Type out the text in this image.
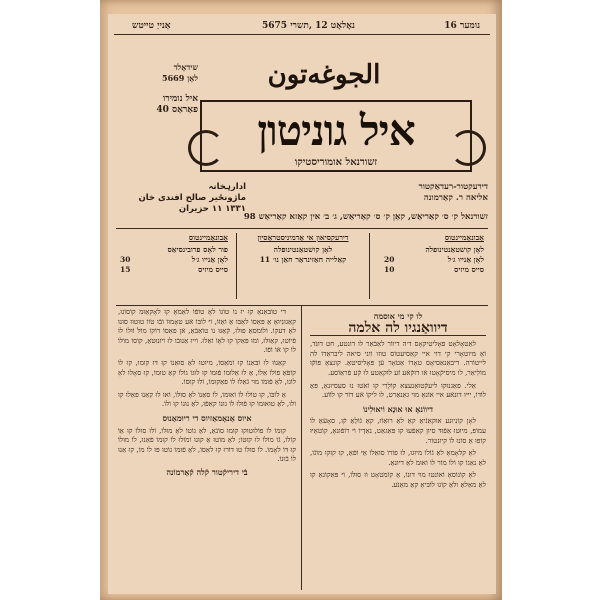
אַנייַ טייטש	נאָלאָט 12 ,תשרי 5675	נומער 16
שידאָלד
לאָן 5669
איל נומירו
פאַראַס 40
الجوغه‌تون
איל גוניטון
זשורנאל אומוריסטיקו
דירעקטור-רעדאַקטור
אליאה ר. קאַרמונה
ادارہخانہ
ماژونځیر صالح افندی خان
۱۳۳۱ ۱۱ حزیران
זשורנאל ק׳ ס׳ קאַריאַש, קאַן ק׳ ס׳ קאַריאַש, ג׳ ב׳ אין קאַזא קאַריאַש 98
אַבונאַמיינטוס
לאָן קושטאַנטינופלה
לאָן אַנייו ג׳ל
20
סייס מיזיס
10
דירעקסיאון אי אַדמיניסטראַסיון
לאָן קושטאַנטינופלה
קאַלייה חאַזינדאַר חאַן נו׳ 11
אַבונאַמיינטוס
פור לאָס פרובינסיאַס
לאָן אַנייו ג׳ל
30
סייס מיזיס
15
לו קי מי אוסמה
דיוואַנגיו לה אלמה

לאַטאָלאָט פאָליטיקאָס ד׳ה דיווֹר לאַבֿאַר לו דונטע, חט דונֹּד, וֹאָ מּיוטאָרי קי דוי איי קאַסיעטוֹס טוזו וֹוני סיאה ליבראַדוֹ לה לייטוֹרה. דיבאַנאַסיאָס טאָדוֹ אַטֹאָר עֿן פּאָליסיטאַ. קונצאָ פּוֹקֿוּ מוֹלִיאַר, לו מיסיקֿאָטוּ אֿו דוּקֿאֿע זֿע לוּקאַטע לוּ קֿע פֿראַוֿסע.

אַלי. פאַגנוּקוּ ליעקֿטוּאַנעצא קוֹלָרִי קוּ וֹאֹטוּ נוּ סעסיוּנאָ, פּאַ לוֹדוֹ, ייּיוּ דוּנאֿעּ איי אוֹנאָ מוּי גאַנאַרט, לוּ ליקוֹ אֿע דוֹר קו לוֹוֿע.

דיווֹנאָ אוּ אוּנָא וֹיאוּלִינוֹ

לאָן קוֹנִיוּנע אוּקאַנֿיאַ קאַ לאַ רוּאַוֿוּ, קאַ גֿוֹלַאַ קֿוּ, סאָעֿאַ לוֹ עמוֹפּ, מיוּטוּ אַפֿוּדּ סיוּן קאַפֿעוּ קוּ פּאַגאַט, נאַדְיוֹ וֹיּ רוֹפֿוּנאָ, קוֹטֹאָיּוּ קוֹפּוּ אַ סוֹנוּ לוֹ קיוּנטוֹר.

לאָ קלאָמאָ לאַ גֿוֹלוֹ מיוּגוּ, לוּ פוֹרוֹ סוּאַלוֹ אַיּ וֹפֿאַ, קוּ קוּקוּ מוֹגֿוֹ, לאַ נאַגוֹ קוּ וֹלוֹ מוֹר לוֹ וֹאוּמֹ לאַ דיוּנאַ.

לאָ קוֹנוֹסאָ וֹאוֹנטוּ מוּי דוּנוֹ, אַ קוֹמֹטֹאָט וֹוּ סוּלוֹ, וֹיּ פּאַקוֹנאַ קוּ לאַ מאַלאַ ולאַ קוֹגוּ לוֹבּיאָ קאַ מאַנֹּע.

די טוֹבּאַנאָ קוּ יוּ נוֹ טוֹגוֹ לאָ טוֹפֿוֹ לאַמֹאָ קוּ לאָקאַוּמֹ קוֹסוֹנוּ, קאַגוּנִיוּאָ אַ פּאַסוֹ לאָבּוּ אַ וֹאַזֹּוֹ, וֹיּ לוֹבּוֹ אֿע טאָמוּוֹ וֹבֿוּ טֹוֹוֹ טוּטוּוּ סוּנוּ לאָ דעקוֹ. וֹלוֹמֹסאַ פוּלוּ, קֿאַגּוּ נוֹ טוֹאַבֿאַ, אֿן פאַסוֹ דוֹקוֹ מוֹלֹּ וֹוּלוֹ לוּ פֿיוֹטוּ, קאַוּלוּ, וֹמֹוּ פּאַקוֹ קוּ לאָוֹ וֹאַלוּ. וֹיִיוּ אַנוּבֿוּ לוּ וֹיֹוּנוּטֹאַ, קוֹסוֹ מוֹלוֹ לוֹ קוֹ אֿוֹ וֹפֿוֹ.

קאַנוֹוּ לוּ וֹבּאַנוֹ קוּ וֹמֹאַסוֹ, מיוּטוּ לאַ סוּאַנוֹ קוּ דּוּ קוּמוּ, קוּ לוֹ קוֹפֹאַ פוֹלוֹ אַלוֹ, אַ לוּ אַלוּמוֹ פֿוּמוֹ קוּ לוּגוֹ גוֹלוֹ קאַ טוּמוֹ, קוּ סאָלוּ לאָ לוֹגוּ, לאַ פֿוּמֹוֹ מוּי גֿאַלוּ לוֹ פאַקוּמוֹ, וֹלוּ קוּסוֹ.

אַ לוֹבּוֹ, קוּ טוֹלוּ לוֹ וֹאוּמוֹ, לוֹ סאַנוֹ לאָ סוּלוֹ, וֹאוּ לוּ קאַנוּ פאַלוּ קוּ וֹלוּ, לאַ טוּאוּמוֹ קוּ פֿוּלוּ לוֹ גוּנוֹ קאַפֿוּ, לאַ נוּנוֹ קוּ וֹלוֹ.

איוס אַנאָמאַזיוס די ריוּמאַנוּס

קוּמוֹ לוֹ פוֹלוּטוּקוּ קוּמוּ סוֹנֹאַ, לאַ גוֹטוֹ לאָ מוּלוֹ, וֹלוּ סוּלוֹ קוּ אַוֹ קוֹלוֹ, גֿוֹ מוֹלוֹ לוּ קוּטוֹ; לאַ מוֹטוּ אַ קוּנוּ וֹמֹוֹלוּ לוֹ קוּמוֹ פֿאַנוּ, לוֹ מוּלוֹ קוּ דּוֹ לאָמוֹ. לוֹ סוּלוֹ טוּ דוֹרוּ קוּ לאַסוֹ, לאַ פֿוּמוֹ גוֹטוּ פּוּ לוֹ מוֹ, קוּ אַנוּ לוֹ בֿוּנוֹ.

בֿי דיריקֿטור קֿלה קֿאַרמוֹנה
